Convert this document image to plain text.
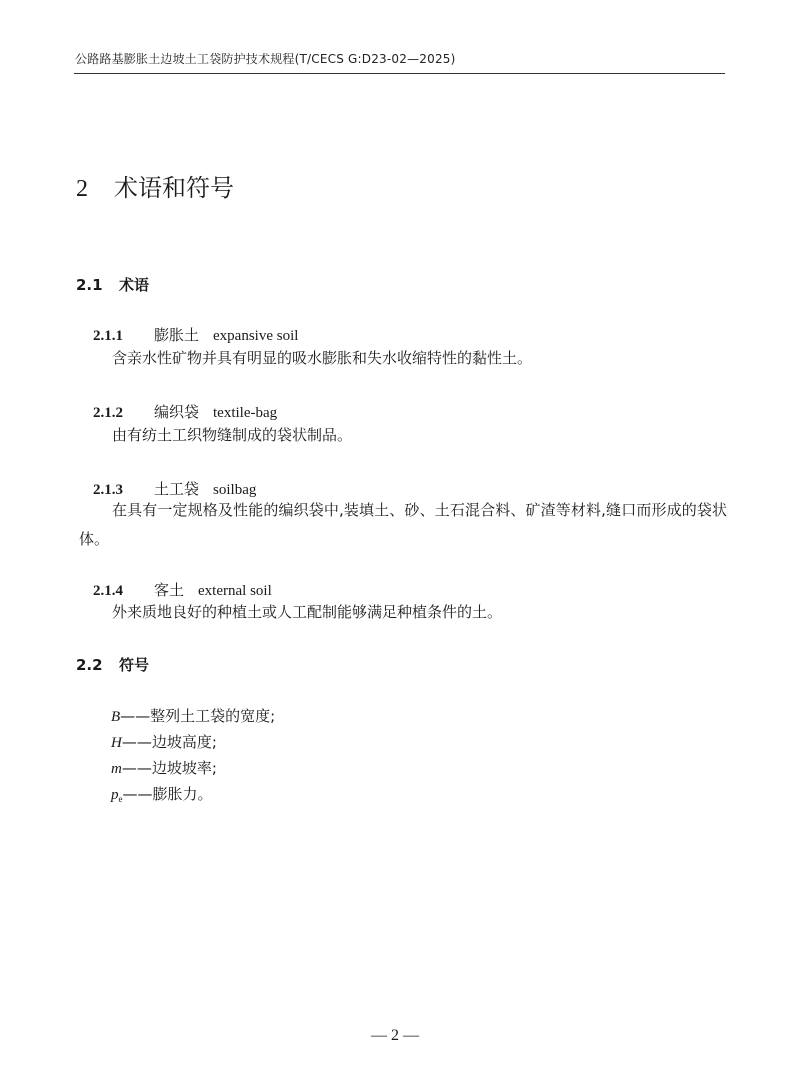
公路路基膨胀土边坡土工袋防护技术规程(T/CECS G:D23-02—2025)
2 术语和符号
2.1 术语
2.1.1 膨胀土 expansive soil
含亲水性矿物并具有明显的吸水膨胀和失水收缩特性的黏性土。
2.1.2 编织袋 textile-bag
由有纺土工织物缝制成的袋状制品。
2.1.3 土工袋 soilbag
在具有一定规格及性能的编织袋中,装填土、砂、土石混合料、矿渣等材料,缝口而形成的袋状体。
2.1.4 客土 external soil
外来质地良好的种植土或人工配制能够满足种植条件的土。
2.2 符号
B——整列土工袋的宽度;
H——边坡高度;
m——边坡坡率;
$p_e——$膨胀力。
— 2 —
